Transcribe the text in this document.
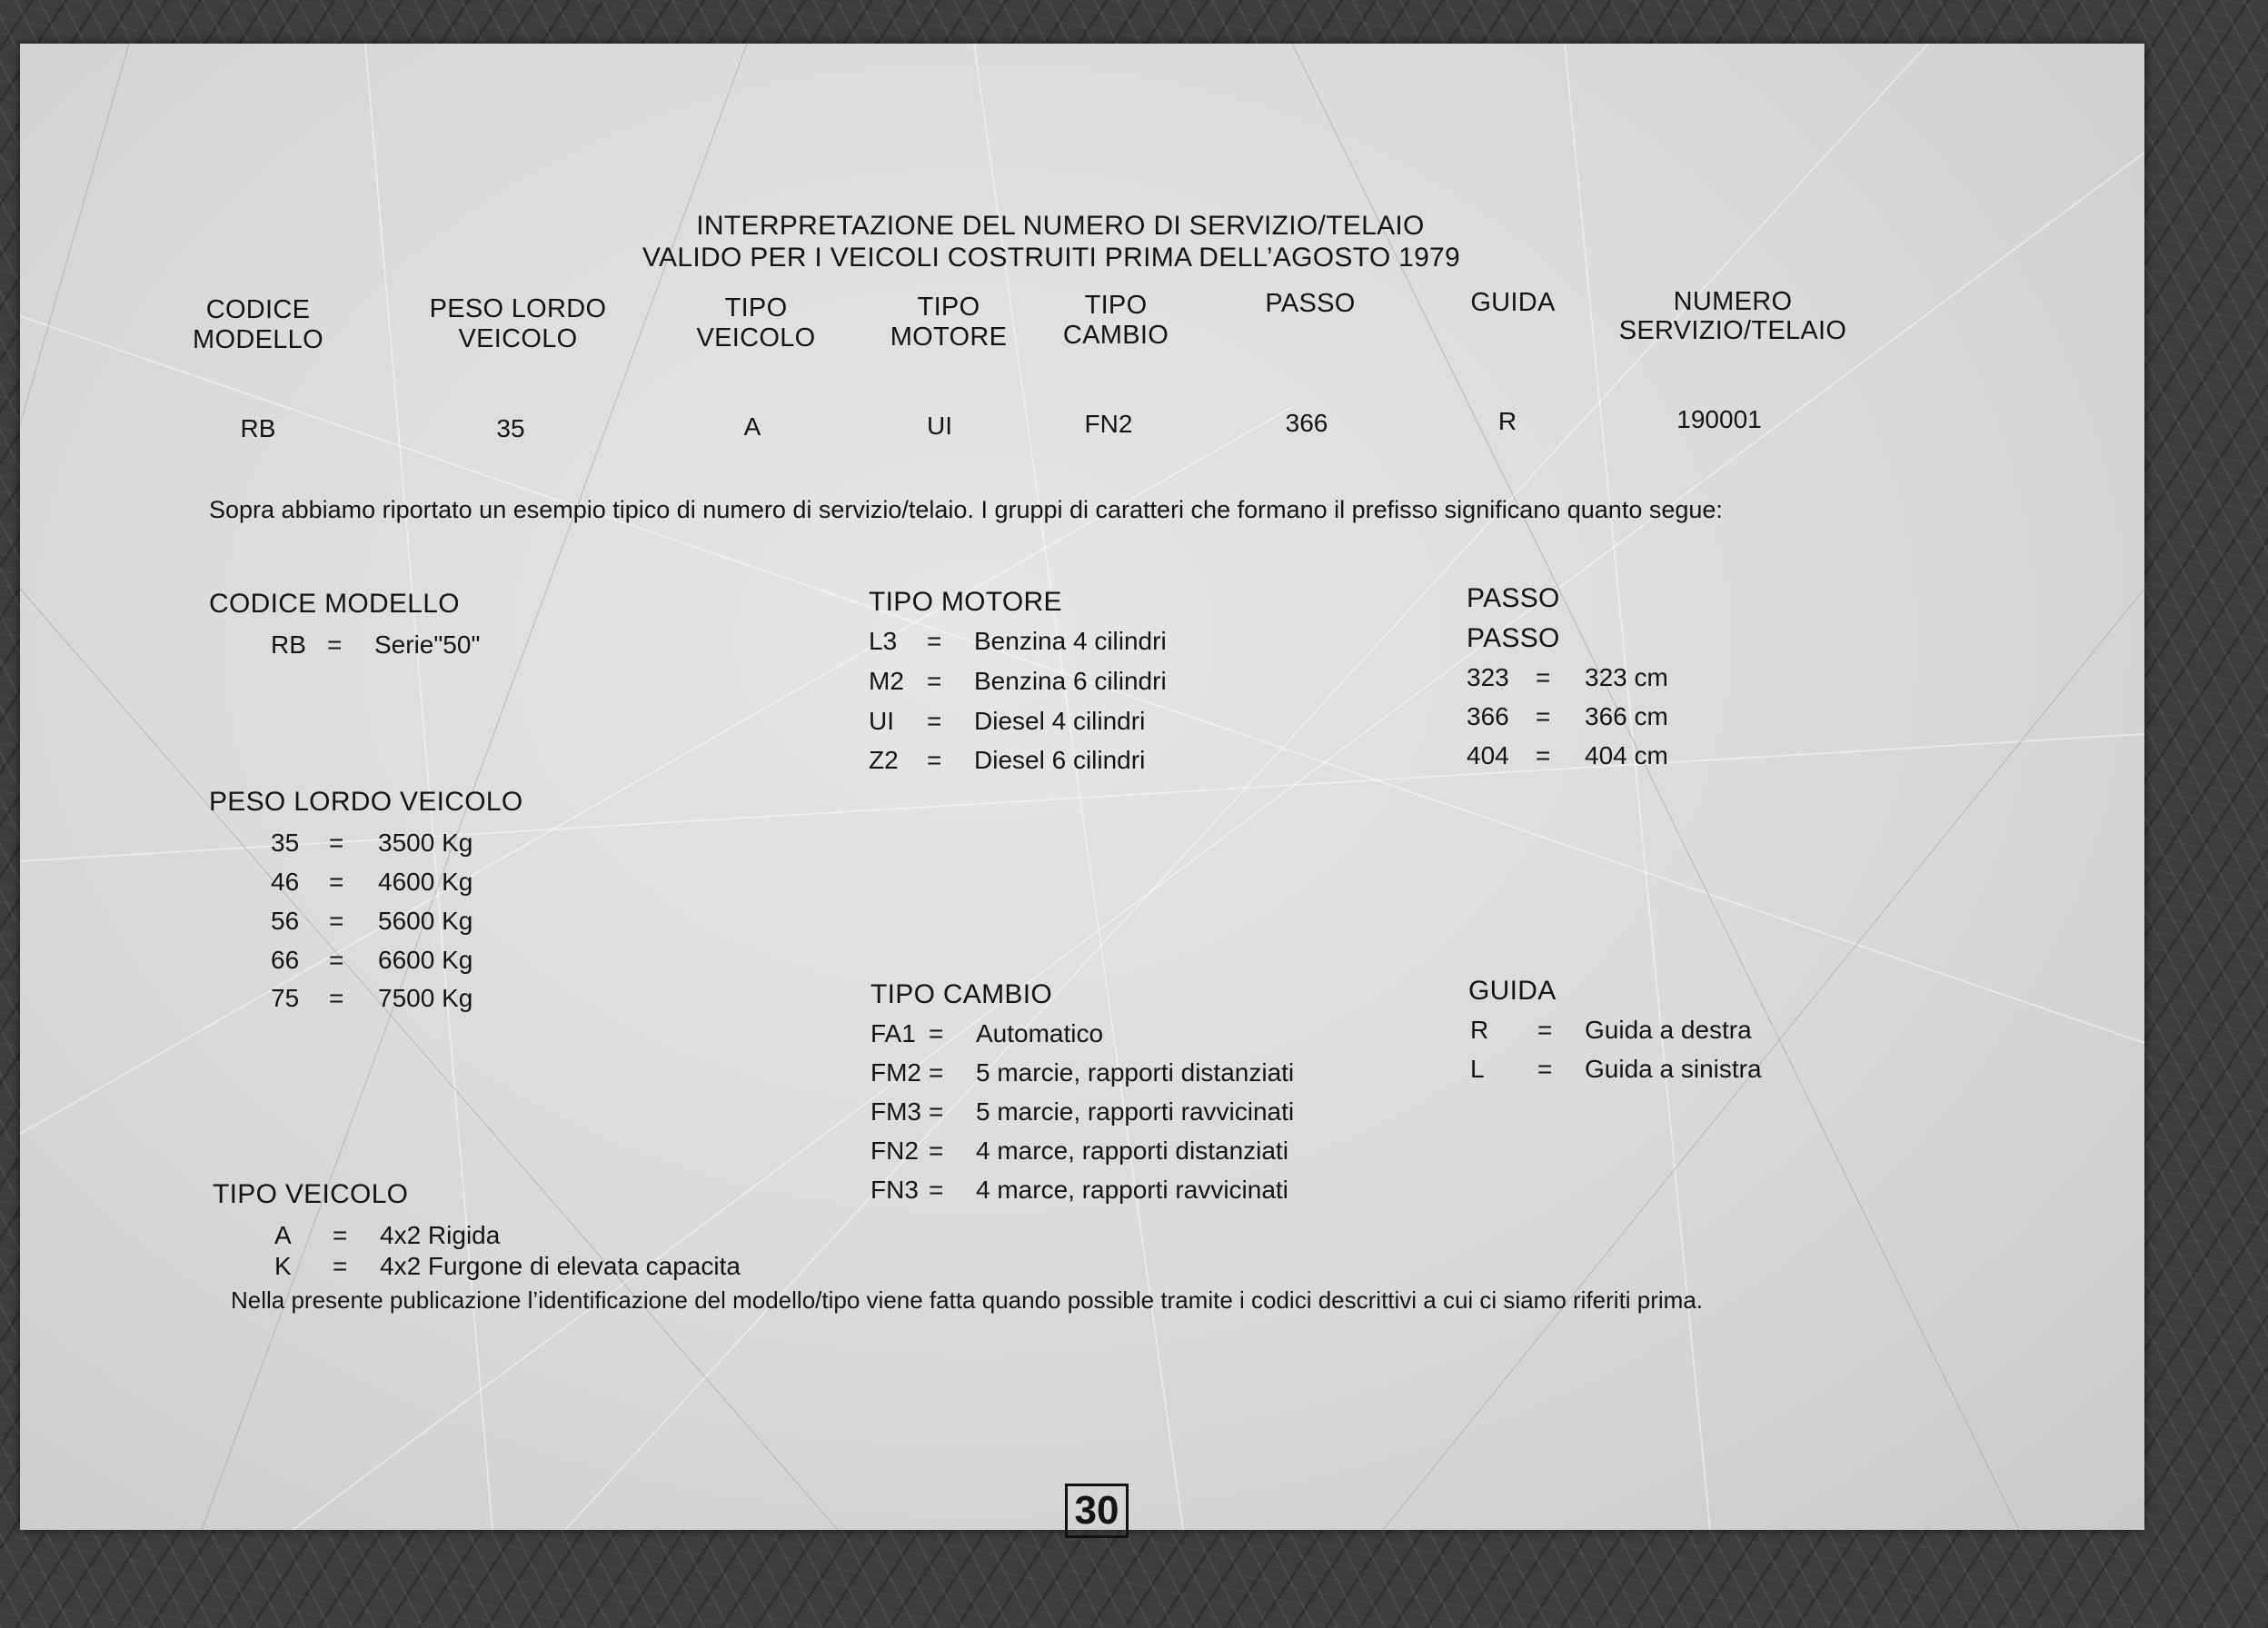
INTERPRETAZIONE DEL NUMERO DI SERVIZIO/TELAIO
VALIDO PER I VEICOLI COSTRUITI PRIMA DELL’AGOSTO 1979
CODICE
MODELLO
RB
PESO LORDO
VEICOLO
35
TIPO
VEICOLO
A
TIPO
MOTORE
UI
TIPO
CAMBIO
FN2
PASSO
366
GUIDA
R
NUMERO
SERVIZIO/TELAIO
190001
Sopra abbiamo riportato un esempio tipico di numero di servizio/telaio. I gruppi di caratteri che formano il prefisso significano quanto segue:
CODICE MODELLO
RB = Serie"50"
PESO LORDO VEICOLO
35 = 3500 Kg
46 = 4600 Kg
56 = 5600 Kg
66 = 6600 Kg
75 = 7500 Kg
TIPO VEICOLO
A = 4x2 Rigida
K = 4x2 Furgone di elevata capacita
TIPO MOTORE
L3 = Benzina 4 cilindri
M2 = Benzina 6 cilindri
UI = Diesel 4 cilindri
Z2 = Diesel 6 cilindri
TIPO CAMBIO
FA1 = Automatico
FM2 = 5 marcie, rapporti distanziati
FM3 = 5 marcie, rapporti ravvicinati
FN2 = 4 marce, rapporti distanziati
FN3 = 4 marce, rapporti ravvicinati
PASSO
PASSO
323 = 323 cm
366 = 366 cm
404 = 404 cm
GUIDA
R = Guida a destra
L = Guida a sinistra
Nella presente publicazione l’identificazione del modello/tipo viene fatta quando possible tramite i codici descrittivi a cui ci siamo riferiti prima.
30
